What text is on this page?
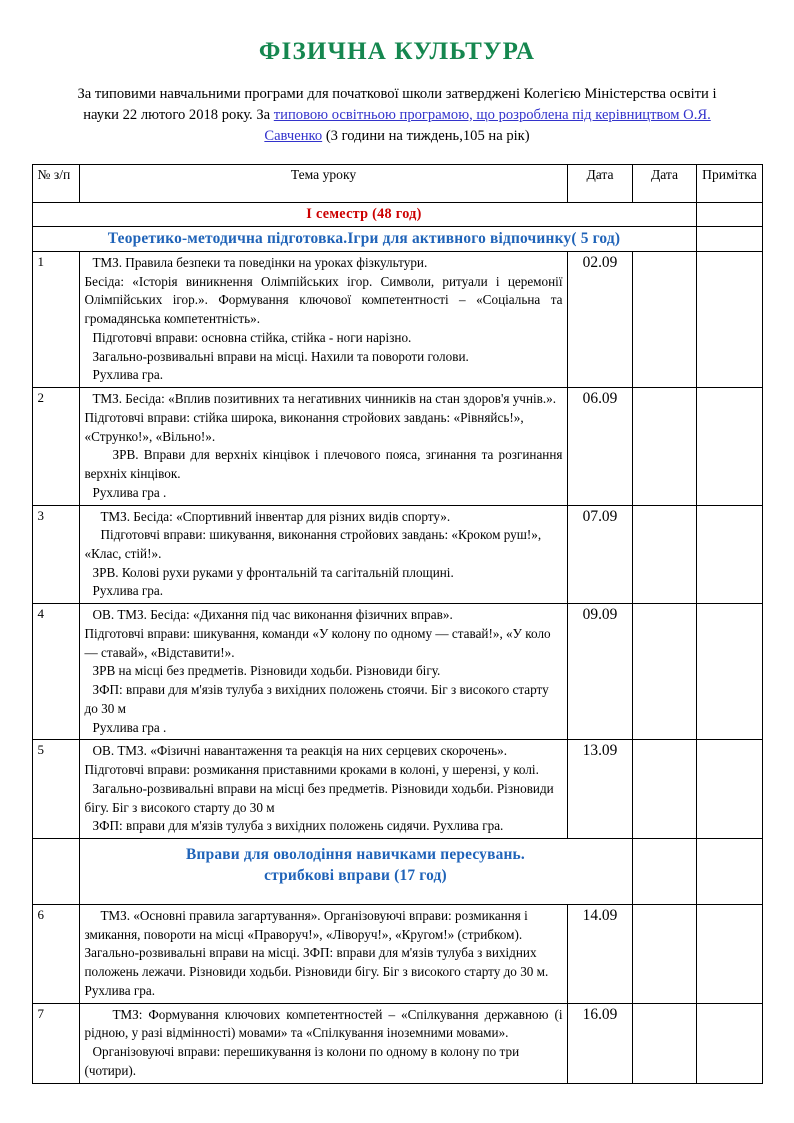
ФІЗИЧНА КУЛЬТУРА

За типовими навчальними програми для початкової школи затверджені Колегією Міністерства освіти і науки 22 лютого 2018 року. За типовою освітньою програмою, що розроблена під керівництвом О.Я. Савченко (3 години на тиждень,105 на рік)

№ з/п	Тема уроку	Дата	Дата	Примітка
I семестр (48 год)				
Теоретико-методична підготовка.Ігри для активного відпочинку( 5 год)				
1	ТМЗ. Правила безпеки та поведінки на уроках фізкультури.

Бесіда: «Історія виникнення Олімпійських ігор. Символи, ритуали і церемонії Олімпійських ігор.». Формування ключової компетентності – «Соціальна та громадянська компетентність».

Підготовчі вправи: основна стійка, стійка - ноги нарізно.

Загально-розвивальні вправи на місці. Нахили та повороти голови.

Рухлива гра.	02.09		
2	ТМЗ. Бесіда: «Вплив позитивних та негативних чинників на стан здоров'я учнів.». Підготовчі вправи: стійка широка, виконання стройових завдань: «Рівняйсь!», «Струнко!», «Вільно!».

ЗРВ. Вправи для верхніх кінцівок і плечового пояса, згинання та розгинання верхніх кінцівок.

Рухлива гра .	06.09		
3	ТМЗ. Бесіда: «Спортивний інвентар для різних видів спорту».

Підготовчі вправи: шикування, виконання стройових завдань: «Кроком руш!», «Клас, стій!».

ЗРВ. Колові рухи руками у фронтальній та сагітальній площині.

Рухлива гра.	07.09		
4	ОВ. ТМЗ. Бесіда: «Дихання під час виконання фізичних вправ».

Підготовчі вправи: шикування, команди «У колону по одному — ставай!», «У коло — ставай», «Відставити!».

ЗРВ на місці без предметів. Різновиди ходьби. Різновиди бігу.

ЗФП: вправи для м'язів тулуба з вихідних положень стоячи. Біг з високого старту до 30 м

Рухлива гра .	09.09		
5	ОВ. ТМЗ. «Фізичні навантаження та реакція на них серцевих скорочень».

Підготовчі вправи: розмикання приставними кроками в колоні, у шерензі, у колі.

Загально-розвивальні вправи на місці без предметів. Різновиди ходьби. Різновиди бігу. Біг з високого старту до 30 м

ЗФП: вправи для м'язів тулуба з вихідних положень сидячи. Рухлива гра.	13.09		
	Вправи для оволодіння навичками пересувань.
стрибкові вправи (17 год)			

6	ТМЗ. «Основні правила загартування». Організовуючі вправи: розмикання і змикання, повороти на місці «Праворуч!», «Ліворуч!», «Кругом!» (стрибком). Загально-розвивальні вправи на місці. ЗФП: вправи для м'язів тулуба з вихідних положень лежачи. Різновиди ходьби. Різновиди бігу. Біг з високого старту до 30 м. Рухлива гра.	14.09		
7	ТМЗ: Формування ключових компетентностей – «Спілкування державною (і рідною, у разі відмінності) мовами» та «Спілкування іноземними мовами».

Організовуючі вправи: перешикування із колони по одному в колону по три (чотири).	16.09		
